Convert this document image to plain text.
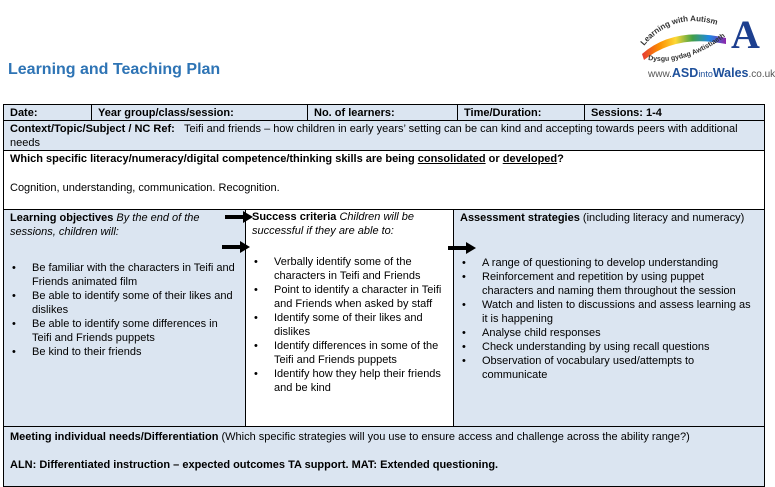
Learning and Teaching Plan
Learning with Autism
Dysgu gydag Awtistiaeth A
www.ASDintoWales.co.uk
Date:	Year group/class/session:	No. of learners:	Time/Duration:	Sessions: 1-4
Context/Topic/Subject / NC Ref: Teifi and friends – how children in early years’ setting can be can kind and accepting towards peers with additional needs
Which specific literacy/numeracy/digital competence/thinking skills are being consolidated or developed?
Cognition, understanding, communication. Recognition.
Learning objectives By the end of the sessions, children will:
• Be familiar with the characters in Teifi and Friends animated film
• Be able to identify some of their likes and dislikes
• Be able to identify some differences in Teifi and Friends puppets
• Be kind to their friends
Success criteria Children will be successful if they are able to:
• Verbally identify some of the characters in Teifi and Friends
• Point to identify a character in Teifi and Friends when asked by staff
• Identify some of their likes and dislikes
• Identify differences in some of the Teifi and Friends puppets
• Identify how they help their friends and be kind
Assessment strategies (including literacy and numeracy)
• A range of questioning to develop understanding
• Reinforcement and repetition by using puppet characters and naming them throughout the session
• Watch and listen to discussions and assess learning as it is happening
• Analyse child responses
• Check understanding by using recall questions
• Observation of vocabulary used/attempts to communicate
Meeting individual needs/Differentiation (Which specific strategies will you use to ensure access and challenge across the ability range?)
ALN: Differentiated instruction – expected outcomes TA support. MAT: Extended questioning.
